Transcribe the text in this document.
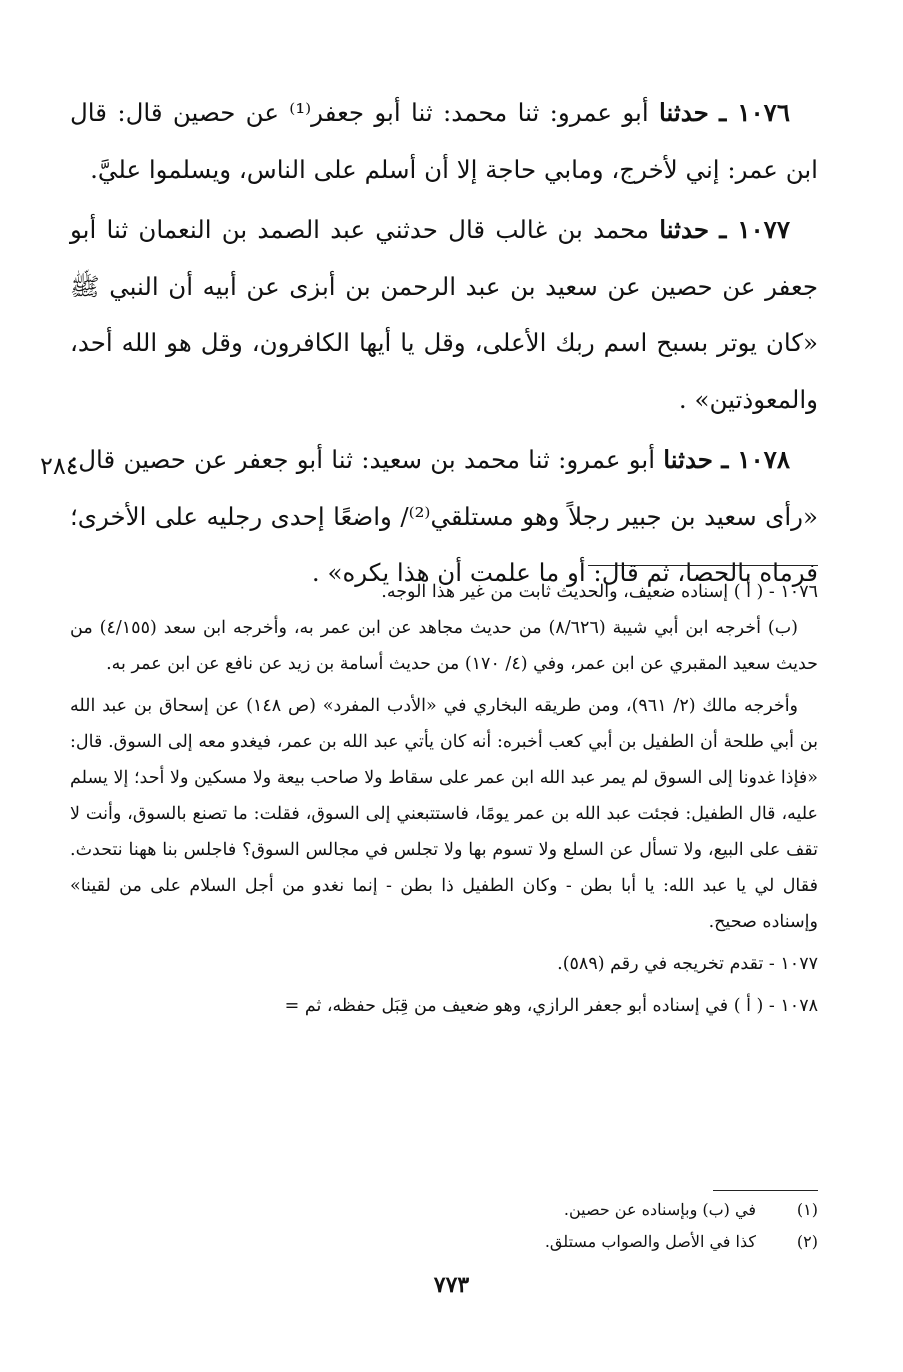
١٠٧٦ ـ حدثنا أبو عمرو: ثنا محمد: ثنا أبو جعفر⁽¹⁾ عن حصين قال: قال ابن عمر: إني لأخرج، ومابي حاجة إلا أن أسلم على الناس، ويسلموا عليَّ.

١٠٧٧ ـ حدثنا محمد بن غالب قال حدثني عبد الصمد بن النعمان ثنا أبو جعفر عن حصين عن سعيد بن عبد الرحمن بن أبزى عن أبيه أن النبي ﷺ «كان يوتر بسبح اسم ربك الأعلى، وقل يا أيها الكافرون، وقل هو الله أحد، والمعوذتين» .

١٠٧٨ ـ حدثنا أبو عمرو: ثنا محمد بن سعيد: ثنا أبو جعفر عن حصين قال: «رأى سعيد بن جبير رجلاً وهو مستلقي⁽²⁾/ واضعًا إحدى رجليه على الأخرى؛ فرماه بالحصا، ثم قال: أو ما علمت أن هذا يكره» .

٢٨٤

١٠٧٦ - ( أ ) إسناده ضعيف، والحديث ثابت من غير هذا الوجه.

(ب) أخرجه ابن أبي شيبة (٨/٦٢٦) من حديث مجاهد عن ابن عمر به، وأخرجه ابن سعد (٤/١٥٥) من حديث سعيد المقبري عن ابن عمر، وفي (٤/ ١٧٠) من حديث أسامة بن زيد عن نافع عن ابن عمر به.

وأخرجه مالك (٢/ ٩٦١)، ومن طريقه البخاري في «الأدب المفرد» (ص ١٤٨) عن إسحاق بن عبد الله بن أبي طلحة أن الطفيل بن أبي كعب أخبره: أنه كان يأتي عبد الله بن عمر، فيغدو معه إلى السوق. قال: «فإذا غدونا إلى السوق لم يمر عبد الله ابن عمر على سقاط ولا صاحب بيعة ولا مسكين ولا أحد؛ إلا يسلم عليه، قال الطفيل: فجئت عبد الله بن عمر يومًا، فاستتبعني إلى السوق، فقلت: ما تصنع بالسوق، وأنت لا تقف على البيع، ولا تسأل عن السلع ولا تسوم بها ولا تجلس في مجالس السوق؟ فاجلس بنا ههنا نتحدث. فقال لي يا عبد الله: يا أبا بطن - وكان الطفيل ذا بطن - إنما نغدو من أجل السلام على من لقينا» وإسناده صحيح.

١٠٧٧ - تقدم تخريجه في رقم (٥٨٩).

١٠٧٨ - ( أ ) في إسناده أبو جعفر الرازي، وهو ضعيف من قِبَل حفظه، ثم =

(١)
في (ب) وبإسناده عن حصين.
(٢)
كذا في الأصل والصواب مستلق.
٧٧٣
